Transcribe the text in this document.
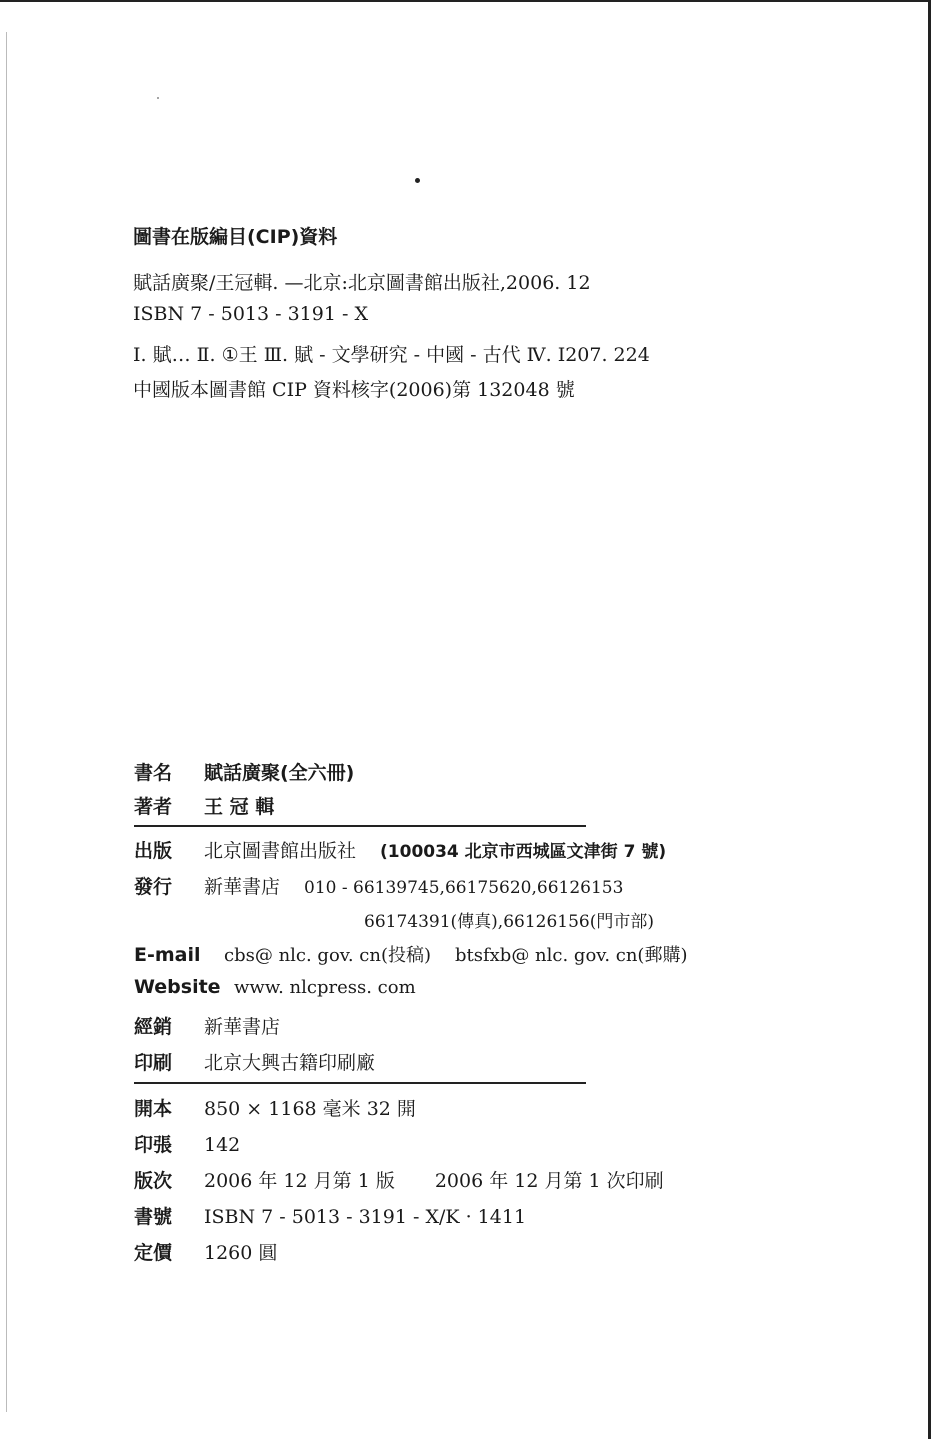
圖書在版編目(CIP)資料
賦話廣聚/王冠輯. —北京:北京圖書館出版社,2006. 12
ISBN 7 - 5013 - 3191 - X
Ⅰ. 賦… Ⅱ. ①王 Ⅲ. 賦 - 文學研究 - 中國 - 古代 Ⅳ. I207. 224
中國版本圖書館 CIP 資料核字(2006)第 132048 號
書名 賦話廣聚(全六冊)
著者 王 冠 輯
出版 北京圖書館出版社 (100034 北京市西城區文津街 7 號)
發行 新華書店 010 - 66139745,66175620,66126153
66174391(傳真),66126156(門市部)
E-mail cbs@ nlc. gov. cn(投稿) btsfxb@ nlc. gov. cn(郵購)
Website www. nlcpress. com
經銷 新華書店
印刷 北京大興古籍印刷廠
開本 850 × 1168 毫米 32 開
印張 142
版次 2006 年 12 月第 1 版 2006 年 12 月第 1 次印刷
書號 ISBN 7 - 5013 - 3191 - X/K · 1411
定價 1260 圓
